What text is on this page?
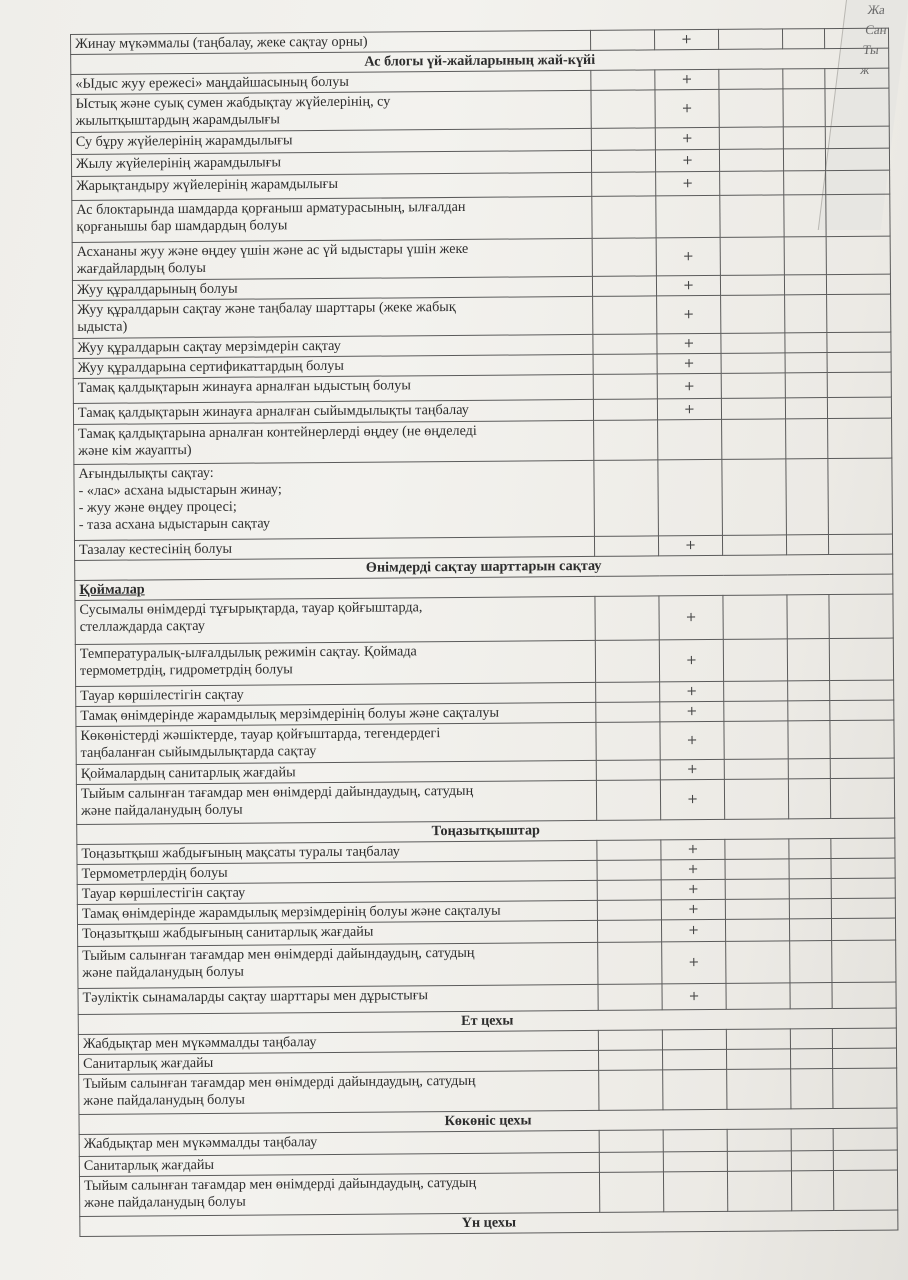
Жа
Сан
Ты
ж
Жинау мүкәммалы (таңбалау, жеке сақтау орны)		+			
Ас блогы үй-жайларының жай-күйі					
«Ыдыс жуу ережесі» маңдайшасының болуы		+			
Ыстық және суық сумен жабдықтау жүйелерінің, су
жылытқыштардың жарамдылығы		+			
Су бұру жүйелерінің жарамдылығы		+			
Жылу жүйелерінің жарамдылығы		+			
Жарықтандыру жүйелерінің жарамдылығы		+			
Ас блоктарында шамдарда қорғаныш арматурасының, ылғалдан
қорғанышы бар шамдардың болуы					
Асхананы жуу және өңдеу үшін және ас үй ыдыстары үшін жеке
жағдайлардың болуы		+			
Жуу құралдарының болуы		+			
Жуу құралдарын сақтау және таңбалау шарттары (жеке жабық
ыдыста)		+			
Жуу құралдарын сақтау мерзімдерін сақтау		+			
Жуу құралдарына сертификаттардың болуы		+			
Тамақ қалдықтарын жинауға арналған ыдыстың болуы		+			
Тамақ қалдықтарын жинауға арналған сыйымдылықты таңбалау		+			
Тамақ қалдықтарына арналған контейнерлерді өңдеу (не өңделеді
және кім жауапты)					
Ағындылықты сақтау:
- «лас» асхана ыдыстарын жинау;
- жуу және өңдеу процесі;
- таза асхана ыдыстарын сақтау					
Тазалау кестесінің болуы		+			
Өнімдерді сақтау шарттарын сақтау					
Қоймалар					
Сусымалы өнімдерді тұғырықтарда, тауар қойғыштарда,
стеллаждарда сақтау		+			
Температуралық-ылғалдылық режимін сақтау. Қоймада
термометрдің, гидрометрдің болуы		+			
Тауар көршілестігін сақтау		+			
Тамақ өнімдерінде жарамдылық мерзімдерінің болуы және сақталуы		+			
Көкөністерді жәшіктерде, тауар қойғыштарда, тегендердегі
таңбаланған сыйымдылықтарда сақтау		+			
Қоймалардың санитарлық жағдайы		+			
Тыйым салынған тағамдар мен өнімдерді дайындаудың, сатудың
және пайдаланудың болуы		+			
Тоңазытқыштар					
Тоңазытқыш жабдығының мақсаты туралы таңбалау		+			
Термометрлердің болуы		+			
Тауар көршілестігін сақтау		+			
Тамақ өнімдерінде жарамдылық мерзімдерінің болуы және сақталуы		+			
Тоңазытқыш жабдығының санитарлық жағдайы		+			
Тыйым салынған тағамдар мен өнімдерді дайындаудың, сатудың
және пайдаланудың болуы		+			
Тәуліктік сынамаларды сақтау шарттары мен дұрыстығы		+			
Ет цехы					
Жабдықтар мен мүкәммалды таңбалау					
Санитарлық жағдайы					
Тыйым салынған тағамдар мен өнімдерді дайындаудың, сатудың
және пайдаланудың болуы					
Көкөніс цехы					
Жабдықтар мен мүкәммалды таңбалау					
Санитарлық жағдайы					
Тыйым салынған тағамдар мен өнімдерді дайындаудың, сатудың
және пайдаланудың болуы					
Үн цехы					
